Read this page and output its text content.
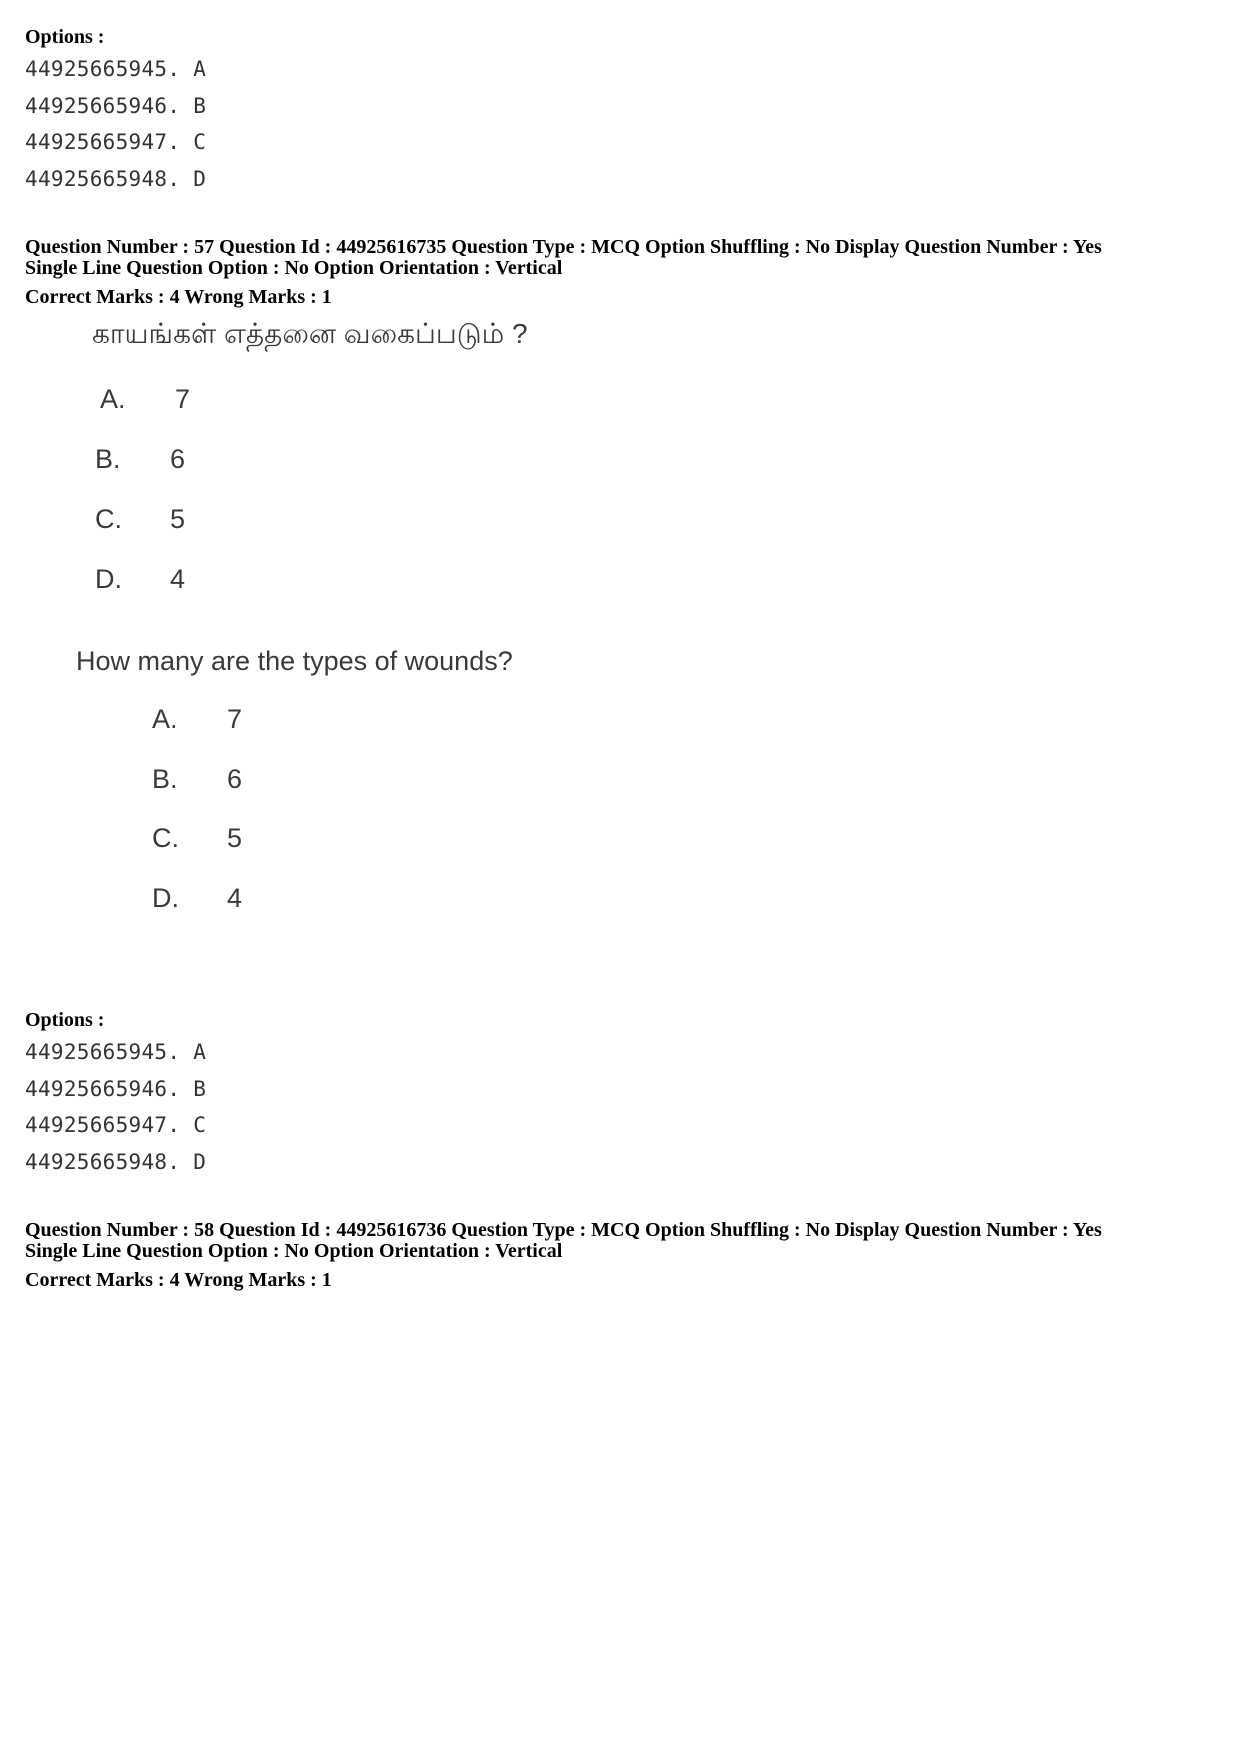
Options :
44925665945. A
44925665946. B
44925665947. C
44925665948. D
Question Number : 57 Question Id : 44925616735 Question Type : MCQ Option Shuffling : No Display Question Number : Yes
Single Line Question Option : No Option Orientation : Vertical
Correct Marks : 4 Wrong Marks : 1
காயங்கள் எத்தனை வகைப்படும் ?
A. 7
B. 6
C. 5
D. 4
How many are the types of wounds?
A. 7
B. 6
C. 5
D. 4
Options :
44925665945. A
44925665946. B
44925665947. C
44925665948. D
Question Number : 58 Question Id : 44925616736 Question Type : MCQ Option Shuffling : No Display Question Number : Yes
Single Line Question Option : No Option Orientation : Vertical
Correct Marks : 4 Wrong Marks : 1
